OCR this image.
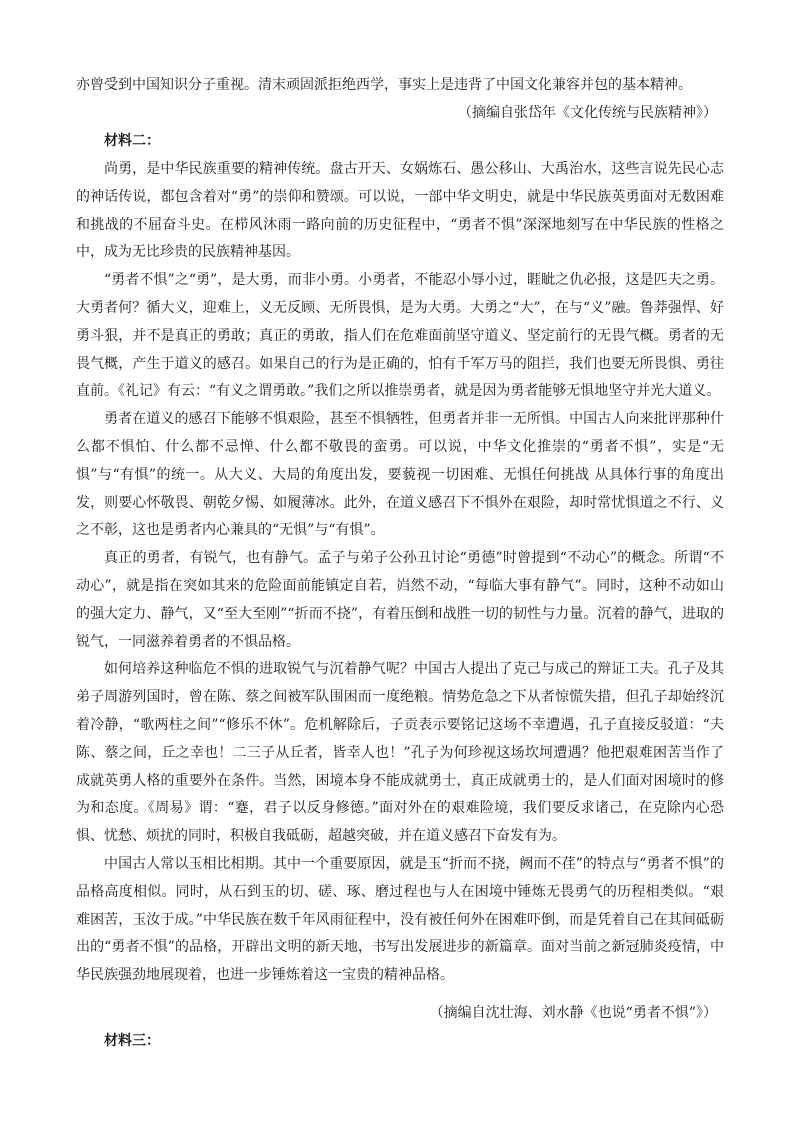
亦曾受到中国知识分子重视。清末顽固派拒绝西学，事实上是违背了中国文化兼容并包的基本精神。
（摘编自张岱年《文化传统与民族精神》）
材料二：

尚勇，是中华民族重要的精神传统。盘古开天、女娲炼石、愚公移山、大禹治水，这些言说先民心志的神话传说，都包含着对“勇”的崇仰和赞颂。可以说，一部中华文明史，就是中华民族英勇面对无数困难和挑战的不屈奋斗史。在栉风沐雨一路向前的历史征程中，“勇者不惧”深深地刻写在中华民族的性格之中，成为无比珍贵的民族精神基因。

“勇者不惧”之“勇”，是大勇，而非小勇。小勇者，不能忍小辱小过，睚眦之仇必报，这是匹夫之勇。大勇者何？循大义，迎难上，义无反顾、无所畏惧，是为大勇。大勇之“大”，在与“义”融。鲁莽强悍、好勇斗狠，并不是真正的勇敢；真正的勇敢，指人们在危难面前坚守道义、坚定前行的无畏气概。勇者的无畏气概，产生于道义的感召。如果自己的行为是正确的，怕有千军万马的阻拦，我们也要无所畏惧、勇往直前。《礼记》有云：“有义之谓勇敢。”我们之所以推崇勇者，就是因为勇者能够无惧地坚守并光大道义。

勇者在道义的感召下能够不惧艰险，甚至不惧牺牲，但勇者并非一无所惧。中国古人向来批评那种什么都不惧怕、什么都不忌惮、什么都不敬畏的蛮勇。可以说，中华文化推崇的“勇者不惧”，实是“无惧”与“有惧”的统一。从大义、大局的角度出发，要藐视一切困难、无惧任何挑战 从具体行事的角度出发，则要心怀敬畏、朝乾夕惕、如履薄冰。此外，在道义感召下不惧外在艰险，却时常忧惧道之不行、义之不彰，这也是勇者内心兼具的“无惧”与“有惧”。

真正的勇者，有锐气，也有静气。孟子与弟子公孙丑讨论“勇德”时曾提到“不动心”的概念。所谓“不动心”，就是指在突如其来的危险面前能镇定自若，岿然不动，“每临大事有静气”。同时，这种不动如山的强大定力、静气，又“至大至刚”“折而不挠”，有着压倒和战胜一切的韧性与力量。沉着的静气，进取的锐气，一同滋养着勇者的不惧品格。

如何培养这种临危不惧的进取锐气与沉着静气呢？中国古人提出了克己与成己的辩证工夫。孔子及其弟子周游列国时，曾在陈、蔡之间被军队围困而一度绝粮。情势危急之下从者惊慌失措，但孔子却始终沉着冷静，“歌两柱之间”“修乐不休”。危机解除后，子贡表示要铭记这场不幸遭遇，孔子直接反驳道：“夫陈、蔡之间，丘之幸也！二三子从丘者，皆幸人也！”孔子为何珍视这场坎坷遭遇？他把艰难困苦当作了成就英勇人格的重要外在条件。当然，困境本身不能成就勇士，真正成就勇士的，是人们面对困境时的修为和态度。《周易》谓：“蹇，君子以反身修德。”面对外在的艰难险境，我们要反求诸己，在克除内心恐惧、忧愁、烦扰的同时，积极自我砥砺，超越突破，并在道义感召下奋发有为。

中国古人常以玉相比相期。其中一个重要原因，就是玉“折而不挠，阙而不荏”的特点与“勇者不惧”的品格高度相似。同时，从石到玉的切、磋、琢、磨过程也与人在困境中锤炼无畏勇气的历程相类似。“艰难困苦，玉汝于成。”中华民族在数千年风雨征程中，没有被任何外在困难吓倒，而是凭着自己在其间砥砺出的“勇者不惧”的品格，开辟出文明的新天地，书写出发展进步的新篇章。面对当前之新冠肺炎疫情，中华民族强劲地展现着，也进一步锤炼着这一宝贵的精神品格。

（摘编自沈壮海、刘水静《也说“勇者不惧”》）
材料三：
